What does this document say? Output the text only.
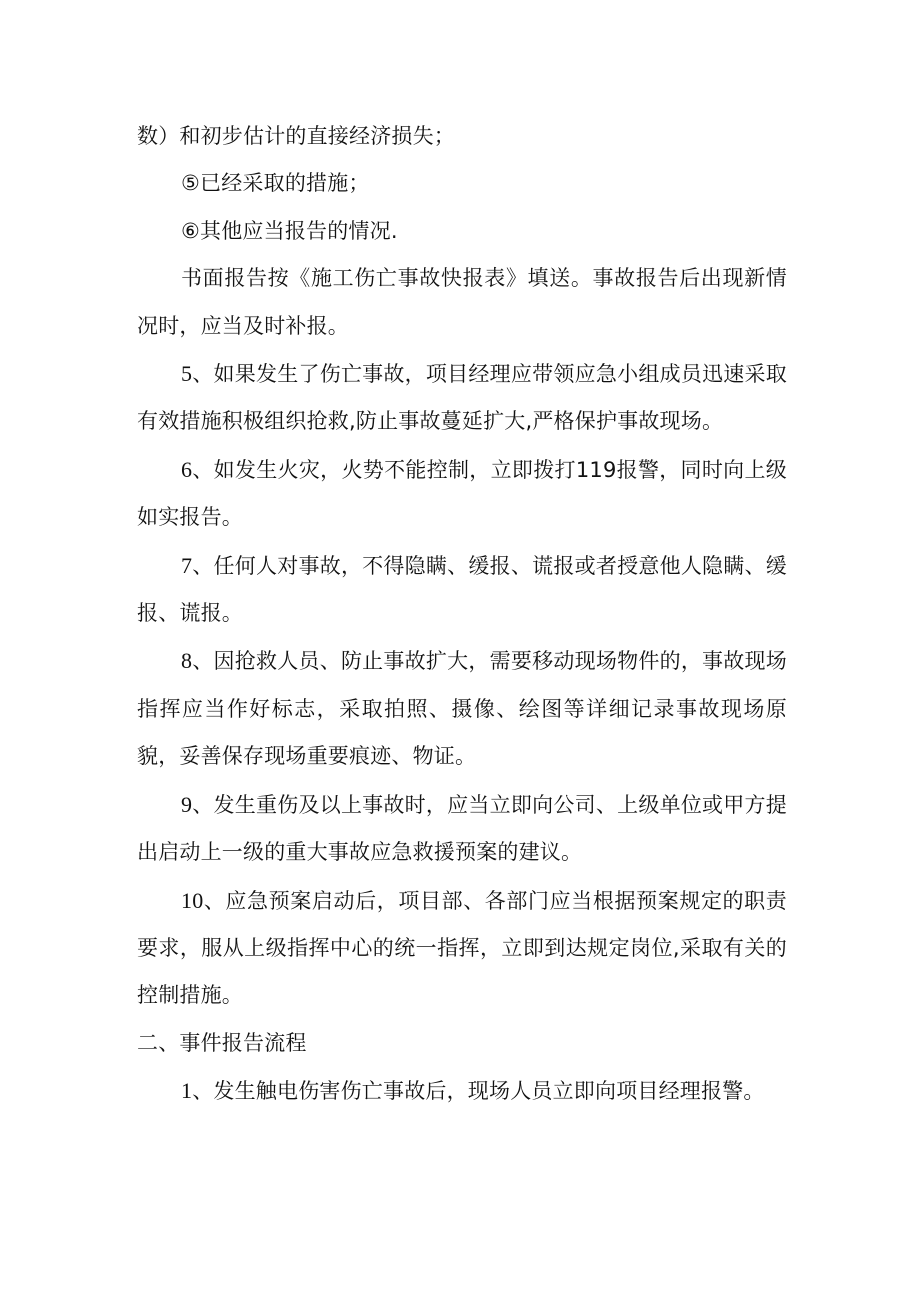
数）和初步估计的直接经济损失；

⑤已经采取的措施；

⑥其他应当报告的情况.

书面报告按《施工伤亡事故快报表》填送。事故报告后出现新情况时，应当及时补报。

5、如果发生了伤亡事故，项目经理应带领应急小组成员迅速采取有效措施积极组织抢救,防止事故蔓延扩大,严格保护事故现场。

6、如发生火灾，火势不能控制，立即拨打119报警，同时向上级如实报告。

7、任何人对事故，不得隐瞒、缓报、谎报或者授意他人隐瞒、缓报、谎报。

8、因抢救人员、防止事故扩大，需要移动现场物件的，事故现场指挥应当作好标志，采取拍照、摄像、绘图等详细记录事故现场原貌，妥善保存现场重要痕迹、物证。

9、发生重伤及以上事故时，应当立即向公司、上级单位或甲方提出启动上一级的重大事故应急救援预案的建议。

10、应急预案启动后，项目部、各部门应当根据预案规定的职责要求，服从上级指挥中心的统一指挥，立即到达规定岗位,采取有关的控制措施。

二、事件报告流程

1、发生触电伤害伤亡事故后，现场人员立即向项目经理报警。
